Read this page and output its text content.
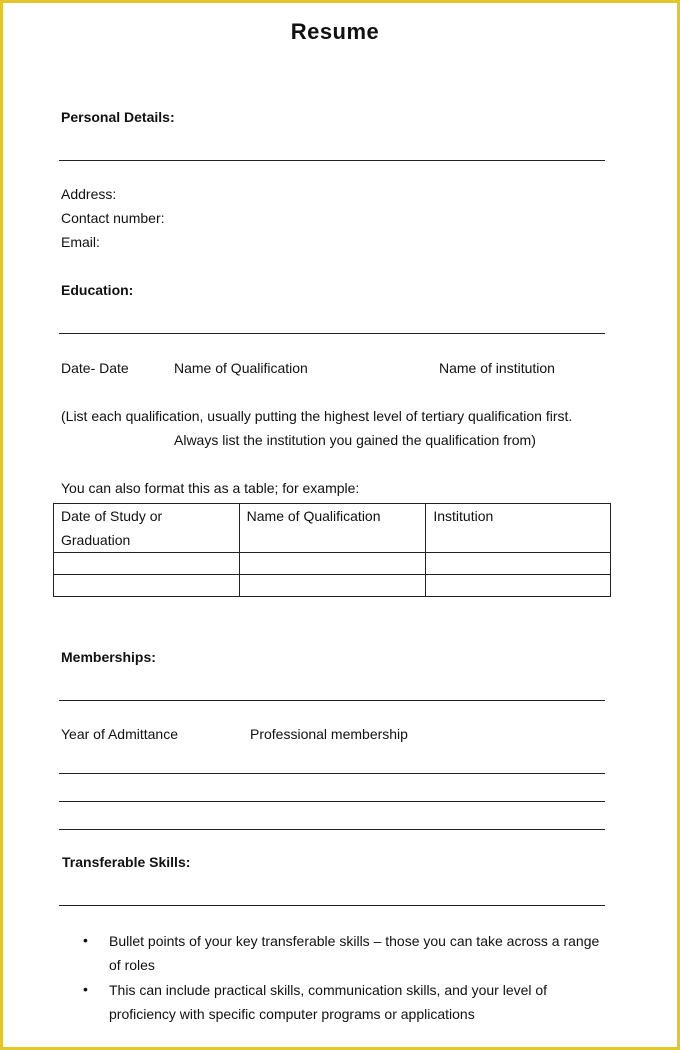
Resume
Personal Details:
Address:
Contact number:
Email:
Education:
Date- Date	Name of Qualification	Name of institution
(List each qualification, usually putting the highest level of tertiary qualification first.
Always list the institution you gained the qualification from)
You can also format this as a table; for example:
Date of Study or Graduation	Name of Qualification	Institution

Memberships:
Year of Admittance	Professional membership
Transferable Skills:
•	Bullet points of your key transferable skills – those you can take across a range of roles
•	This can include practical skills, communication skills, and your level of proficiency with specific computer programs or applications
